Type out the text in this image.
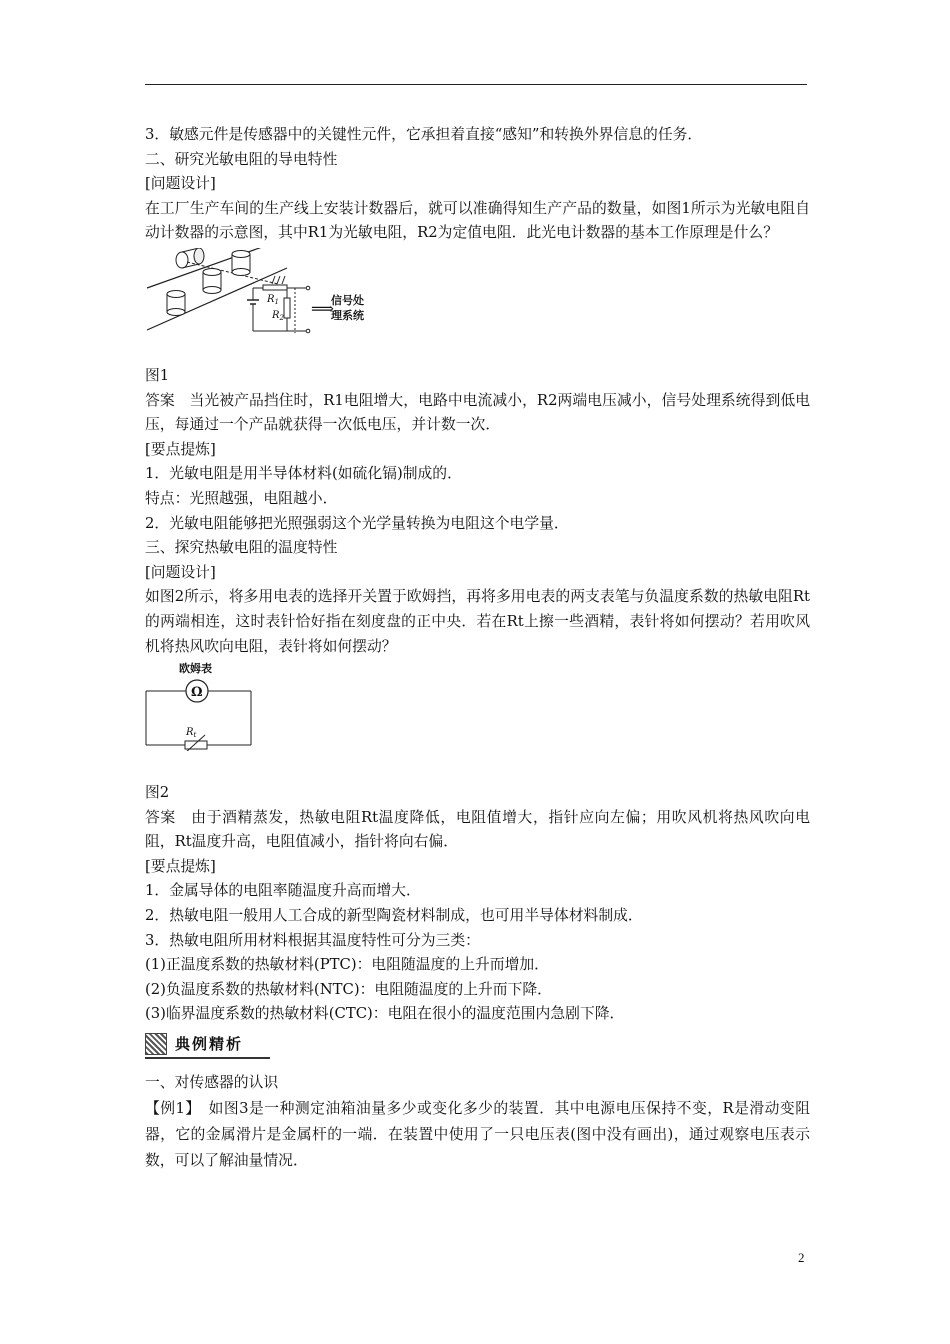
3．敏感元件是传感器中的关键性元件，它承担着直接“感知”和转换外界信息的任务．

二、研究光敏电阻的导电特性

[问题设计]

在工厂生产车间的生产线上安装计数器后，就可以准确得知生产产品的数量，如图1所示为光敏电阻自动计数器的示意图，其中R1为光敏电阻，R2为定值电阻．此光电计数器的基本工作原理是什么？

$R_1$
$R_2$ ⟹
信号处
理系统

图1

答案　当光被产品挡住时，R1电阻增大，电路中电流减小，R2两端电压减小，信号处理系统得到低电压，每通过一个产品就获得一次低电压，并计数一次．

[要点提炼]

1．光敏电阻是用半导体材料(如硫化镉)制成的．

特点：光照越强，电阻越小．

2．光敏电阻能够把光照强弱这个光学量转换为电阻这个电学量．

三、探究热敏电阻的温度特性

[问题设计]

如图2所示，将多用电表的选择开关置于欧姆挡，再将多用电表的两支表笔与负温度系数的热敏电阻Rt的两端相连，这时表针恰好指在刻度盘的正中央．若在Rt上擦一些酒精，表针将如何摆动？若用吹风机将热风吹向电阻，表针将如何摆动？

欧姆表
Ω
$R_t$

图2

答案　由于酒精蒸发，热敏电阻Rt温度降低，电阻值增大，指针应向左偏；用吹风机将热风吹向电阻，Rt温度升高，电阻值减小，指针将向右偏．

[要点提炼]

1．金属导体的电阻率随温度升高而增大．

2．热敏电阻一般用人工合成的新型陶瓷材料制成，也可用半导体材料制成．

3．热敏电阻所用材料根据其温度特性可分为三类：

(1)正温度系数的热敏材料(PTC)：电阻随温度的上升而增加．

(2)负温度系数的热敏材料(NTC)：电阻随温度的上升而下降．

(3)临界温度系数的热敏材料(CTC)：电阻在很小的温度范围内急剧下降．

典例精析

一、对传感器的认识

【例1】　如图3是一种测定油箱油量多少或变化多少的装置．其中电源电压保持不变，R是滑动变阻器，它的金属滑片是金属杆的一端．在装置中使用了一只电压表(图中没有画出)，通过观察电压表示数，可以了解油量情况．

2
